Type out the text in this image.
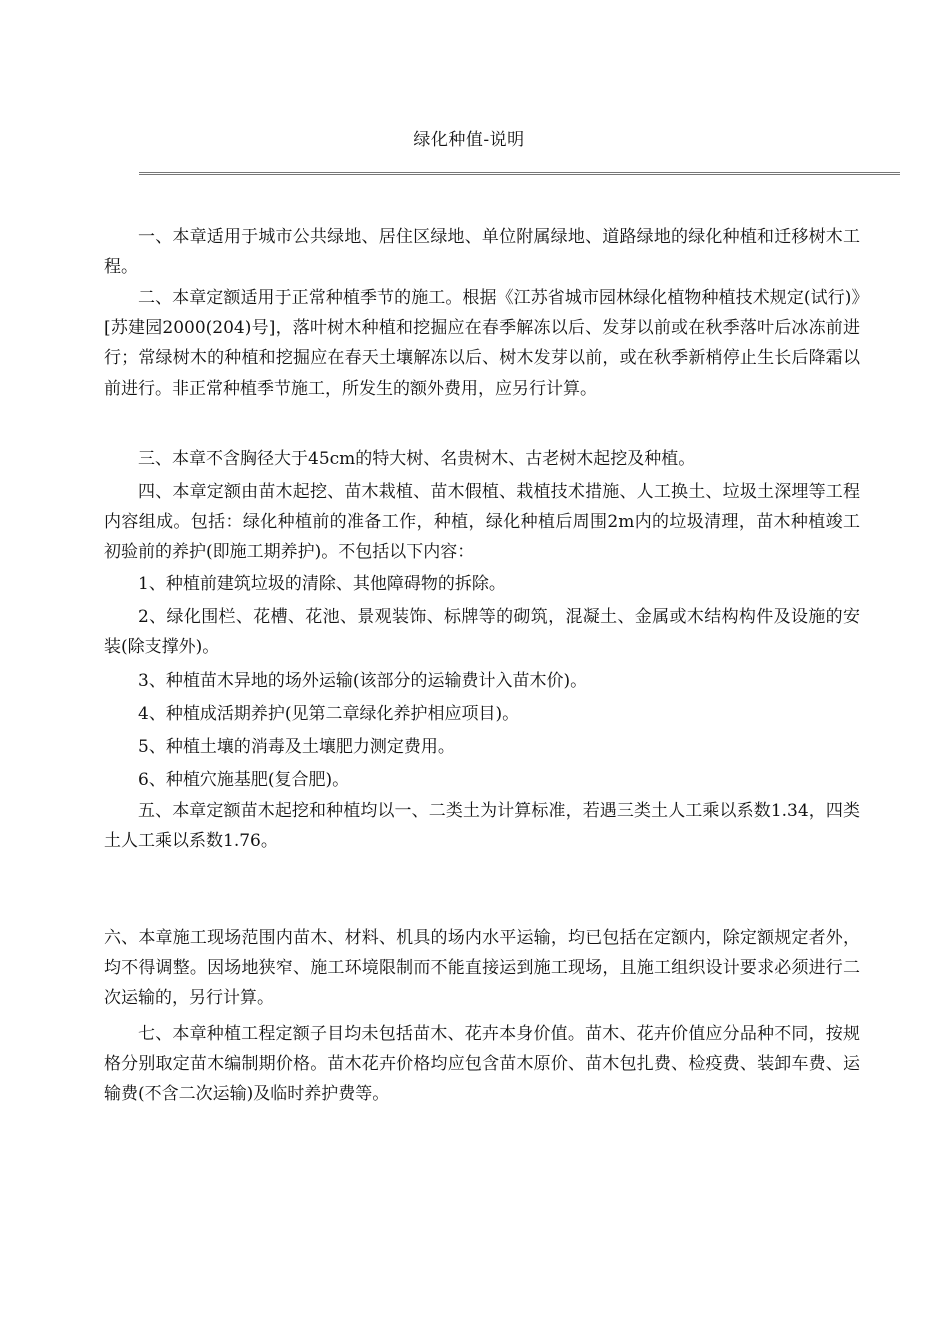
绿化种值-说明

一、本章适用于城市公共绿地、居住区绿地、单位附属绿地、道路绿地的绿化种植和迁移树木工程。

二、本章定额适用于正常种植季节的施工。根据《江苏省城市园林绿化植物种植技术规定(试行)》[苏建园2000(204)号]，落叶树木种植和挖掘应在春季解冻以后、发芽以前或在秋季落叶后冰冻前进行；常绿树木的种植和挖掘应在春天土壤解冻以后、树木发芽以前，或在秋季新梢停止生长后降霜以前进行。非正常种植季节施工，所发生的额外费用，应另行计算。

三、本章不含胸径大于45cm的特大树、名贵树木、古老树木起挖及种植。

四、本章定额由苗木起挖、苗木栽植、苗木假植、栽植技术措施、人工换土、垃圾土深埋等工程内容组成。包括：绿化种植前的准备工作，种植，绿化种植后周围2m内的垃圾清理，苗木种植竣工初验前的养护(即施工期养护)。不包括以下内容：

1、种植前建筑垃圾的清除、其他障碍物的拆除。

2、绿化围栏、花槽、花池、景观装饰、标牌等的砌筑，混凝土、金属或木结构构件及设施的安装(除支撑外)。

3、种植苗木异地的场外运输(该部分的运输费计入苗木价)。

4、种植成活期养护(见第二章绿化养护相应项目)。

5、种植土壤的消毒及土壤肥力测定费用。

6、种植穴施基肥(复合肥)。

五、本章定额苗木起挖和种植均以一、二类土为计算标准，若遇三类土人工乘以系数1.34，四类土人工乘以系数1.76。

六、本章施工现场范围内苗木、材料、机具的场内水平运输，均已包括在定额内，除定额规定者外，均不得调整。因场地狭窄、施工环境限制而不能直接运到施工现场，且施工组织设计要求必须进行二次运输的，另行计算。

七、本章种植工程定额子目均未包括苗木、花卉本身价值。苗木、花卉价值应分品种不同，按规格分别取定苗木编制期价格。苗木花卉价格均应包含苗木原价、苗木包扎费、检疫费、装卸车费、运输费(不含二次运输)及临时养护费等。
